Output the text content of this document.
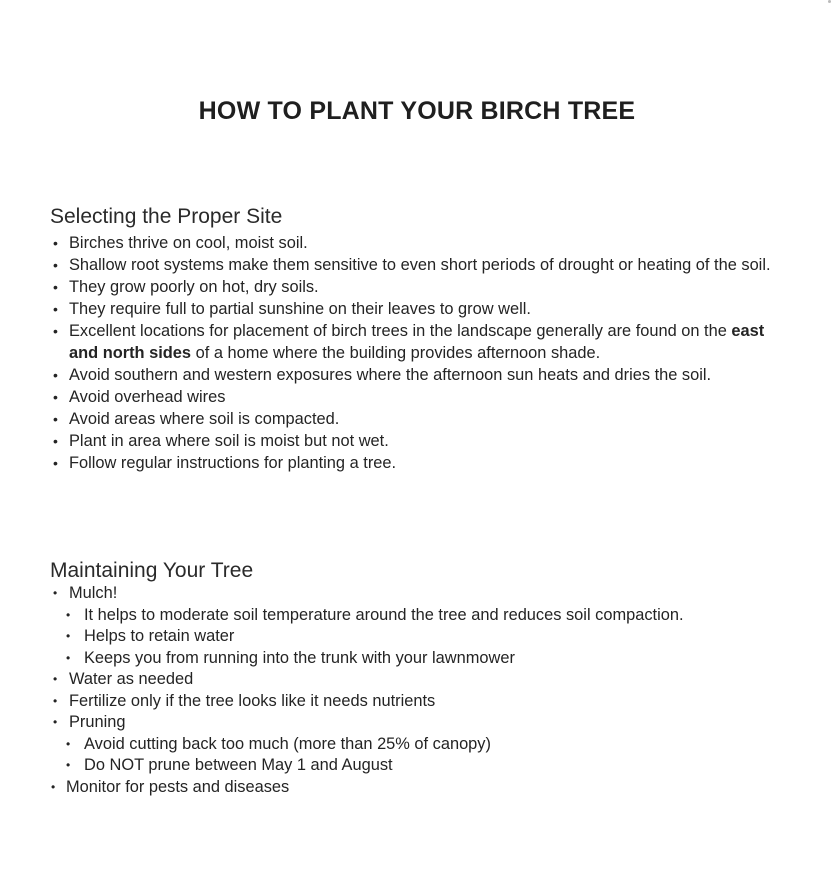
HOW TO PLANT YOUR BIRCH TREE
Selecting the Proper Site
• Birches thrive on cool, moist soil.
• Shallow root systems make them sensitive to even short periods of drought or heating of the soil.
• They grow poorly on hot, dry soils.
• They require full to partial sunshine on their leaves to grow well.
• Excellent locations for placement of birch trees in the landscape generally are found on the east and north sides of a home where the building provides afternoon shade.
• Avoid southern and western exposures where the afternoon sun heats and dries the soil.
• Avoid overhead wires
• Avoid areas where soil is compacted.
• Plant in area where soil is moist but not wet.
• Follow regular instructions for planting a tree.
Maintaining Your Tree
• Mulch!
• It helps to moderate soil temperature around the tree and reduces soil compaction.
• Helps to retain water
• Keeps you from running into the trunk with your lawnmower
• Water as needed
• Fertilize only if the tree looks like it needs nutrients
• Pruning
• Avoid cutting back too much (more than 25% of canopy)
• Do NOT prune between May 1 and August
• Monitor for pests and diseases
